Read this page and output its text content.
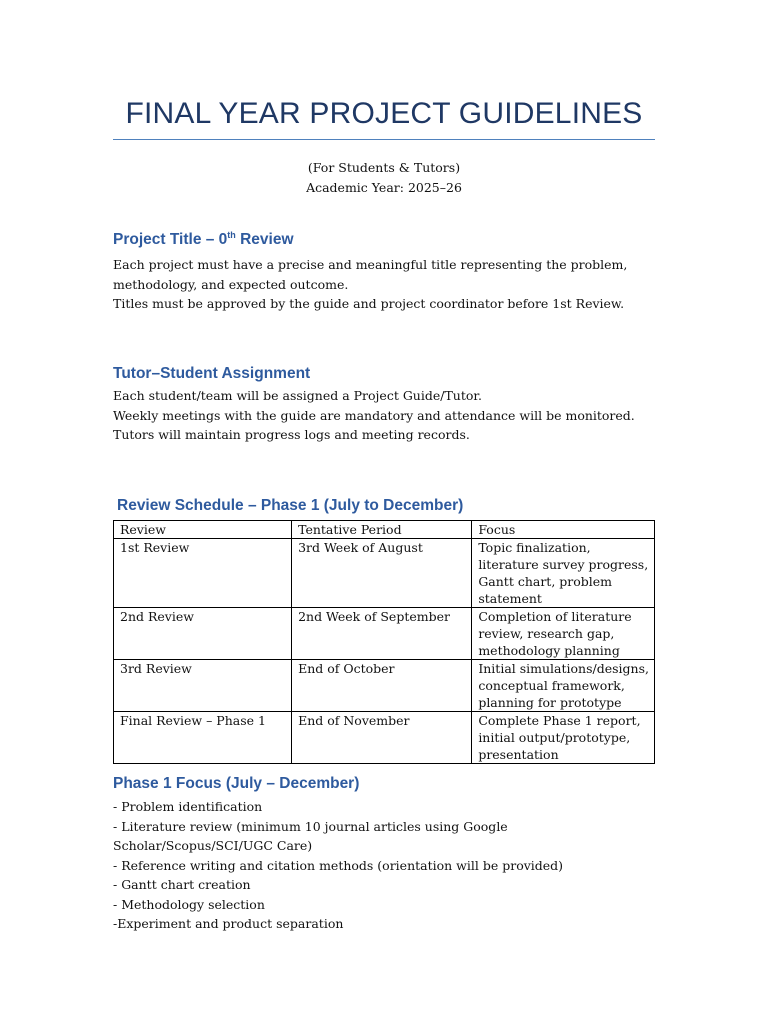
FINAL YEAR PROJECT GUIDELINES
(For Students & Tutors)
Academic Year: 2025–26
Project Title – 0th Review
Each project must have a precise and meaningful title representing the problem, methodology, and expected outcome.
Titles must be approved by the guide and project coordinator before 1st Review.
Tutor–Student Assignment
Each student/team will be assigned a Project Guide/Tutor.
Weekly meetings with the guide are mandatory and attendance will be monitored.
Tutors will maintain progress logs and meeting records.
Review Schedule – Phase 1 (July to December)
Review	Tentative Period	Focus
1st Review	3rd Week of August	Topic finalization, literature survey progress, Gantt chart, problem statement
2nd Review	2nd Week of September	Completion of literature review, research gap, methodology planning
3rd Review	End of October	Initial simulations/designs, conceptual framework, planning for prototype
Final Review – Phase 1	End of November	Complete Phase 1 report, initial output/prototype, presentation
Phase 1 Focus (July – December)
- Problem identification
- Literature review (minimum 10 journal articles using Google Scholar/Scopus/SCI/UGC Care)
- Reference writing and citation methods (orientation will be provided)
- Gantt chart creation
- Methodology selection
-Experiment and product separation
